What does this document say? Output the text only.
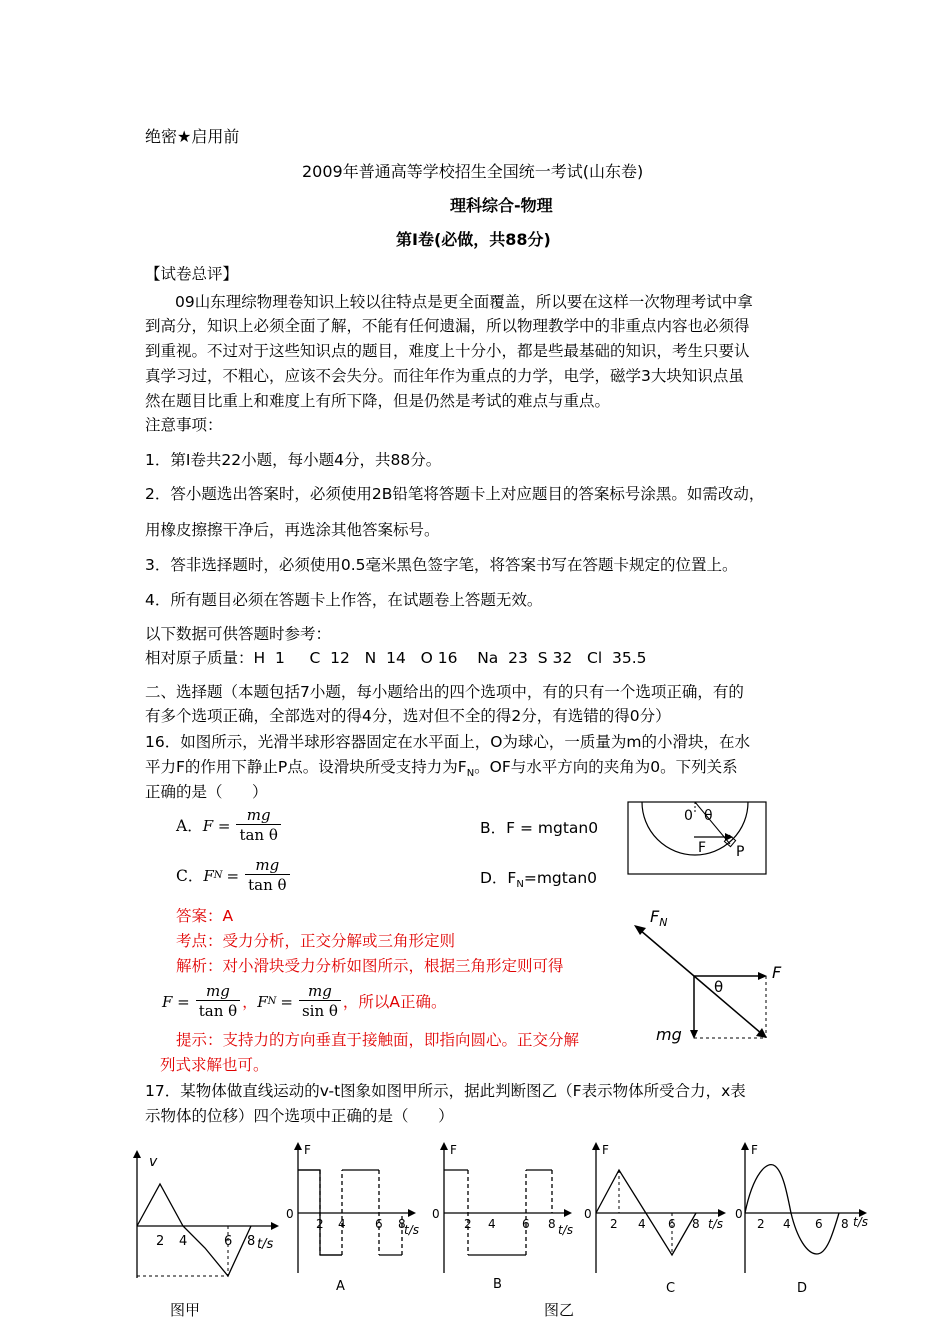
绝密★启用前
2009年普通高等学校招生全国统一考试(山东卷)
理科综合-物理
第Ⅰ卷(必做，共88分)
【试卷总评】
09山东理综物理卷知识上较以往特点是更全面覆盖，所以要在这样一次物理考试中拿
到高分，知识上必须全面了解，不能有任何遗漏，所以物理教学中的非重点内容也必须得
到重视。不过对于这些知识点的题目，难度上十分小，都是些最基础的知识，考生只要认
真学习过，不粗心，应该不会失分。而往年作为重点的力学，电学，磁学3大块知识点虽
然在题目比重上和难度上有所下降，但是仍然是考试的难点与重点。
注意事项：
1．第I卷共22小题，每小题4分，共88分。
2．答小题选出答案时，必须使用2B铅笔将答题卡上对应题目的答案标号涂黑。如需改动，
用橡皮擦擦干净后，再选涂其他答案标号。
3．答非选择题时，必须使用0.5毫米黑色签字笔，将答案书写在答题卡规定的位置上。
4．所有题目必须在答题卡上作答，在试题卷上答题无效。
以下数据可供答题时参考：
相对原子质量：H  1     C  12   N  14   O 16    Na  23  S 32   Cl  35.5
二、选择题（本题包括7小题，每小题给出的四个选项中，有的只有一个选项正确，有的
有多个选项正确，全部选对的得4分，选对但不全的得2分，有选错的得0分）
16．如图所示，光滑半球形容器固定在水平面上，O为球心，一质量为m的小滑块，在水
平力F的作用下静止P点。设滑块所受支持力为$F_N$。OF与水平方向的夹角为0。下列关系
正确的是（      ）
A． $F = \frac{mg}{\text{tan θ}}$	B．F = mgtan0
C． F $N = \frac{mg}{\text{tan θ}}$	D．$F_N=mgtan0$
答案：A
考点：受力分析，正交分解或三角形定则
解析：对小滑块受力分析如图所示，根据三角形定则可得
$F = \frac{mg}{\text{tan θ}}$ ， F $N = \frac{mg}{\text{sin θ}}$ ，所以A正确。
提示：支持力的方向垂直于接触面，即指向圆心。正交分解
列式求解也可。
0 θ
F P
$F_N$
F
θ
mg
17．某物体做直线运动的v-t图象如图甲所示，据此判断图乙（F表示物体所受合力，x表
示物体的位移）四个选项中正确的是（      ）
v
2 4	6 8 t/s
图甲
F
0
2 4 6 8
t/s
A
F
0
2 4 6 8 t/s
B
F
0
2 4 6 8 t/s
C
F
0
2 4 6 8 t/s
D
图乙
